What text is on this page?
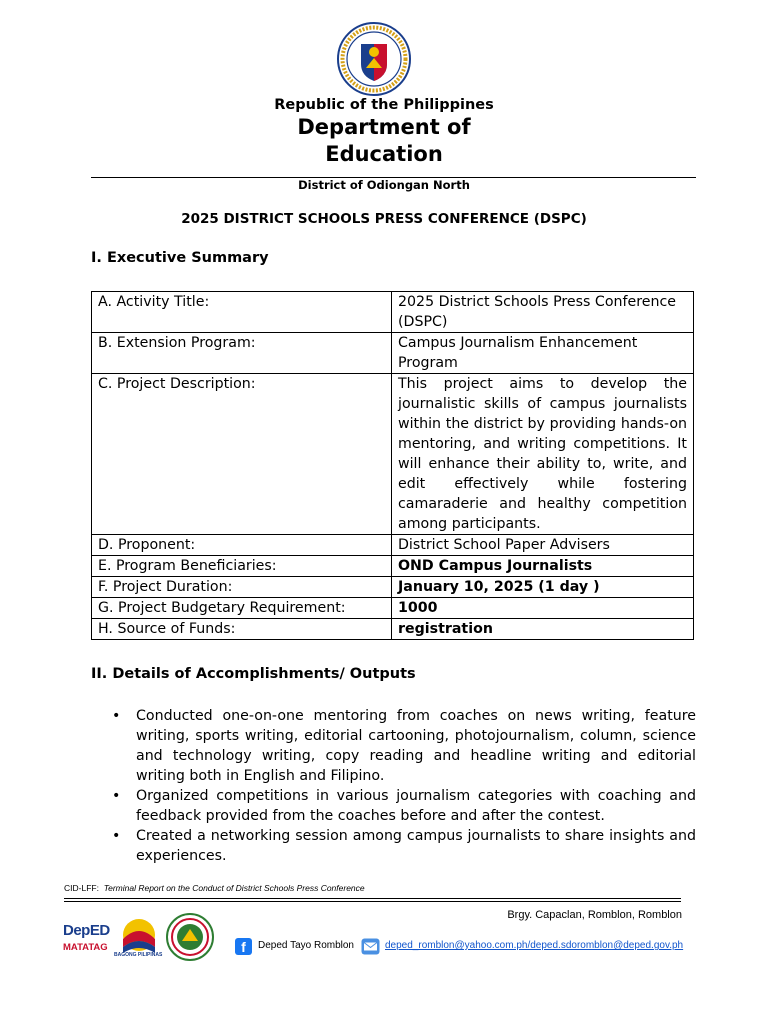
Republic of the Philippines
Department of
Education
District of Odiongan North
2025 DISTRICT SCHOOLS PRESS CONFERENCE (DSPC)
I. Executive Summary
A. Activity Title:	2025 District Schools Press Conference (DSPC)
B. Extension Program:	Campus Journalism Enhancement Program
C. Project Description:	This project aims to develop the journalistic skills of campus journalists within the district by providing hands-on mentoring, and writing competitions. It will enhance their ability to, write, and edit effectively while fostering camaraderie and healthy competition among participants.
D. Proponent:	District School Paper Advisers
E. Program Beneficiaries:	OND Campus Journalists
F. Project Duration:	January 10, 2025 (1 day )
G. Project Budgetary Requirement:	1000
H. Source of Funds:	registration
II. Details of Accomplishments/ Outputs
• Conducted one-on-one mentoring from coaches on news writing, feature writing, sports writing, editorial cartooning, photojournalism, column, science and technology writing, copy reading and headline writing and editorial writing both in English and Filipino.
• Organized competitions in various journalism categories with coaching and feedback provided from the coaches before and after the contest.
• Created a networking session among campus journalists to share insights and experiences.
CID-LFF: Terminal Report on the Conduct of District Schools Press Conference
Brgy. Capaclan, Romblon, Romblon
DepED
MATATAG
BAGONG PILIPINAS	f	Deped Tayo Romblon	deped_romblon@yahoo.com.ph/deped.sdoromblon@deped.gov.ph
